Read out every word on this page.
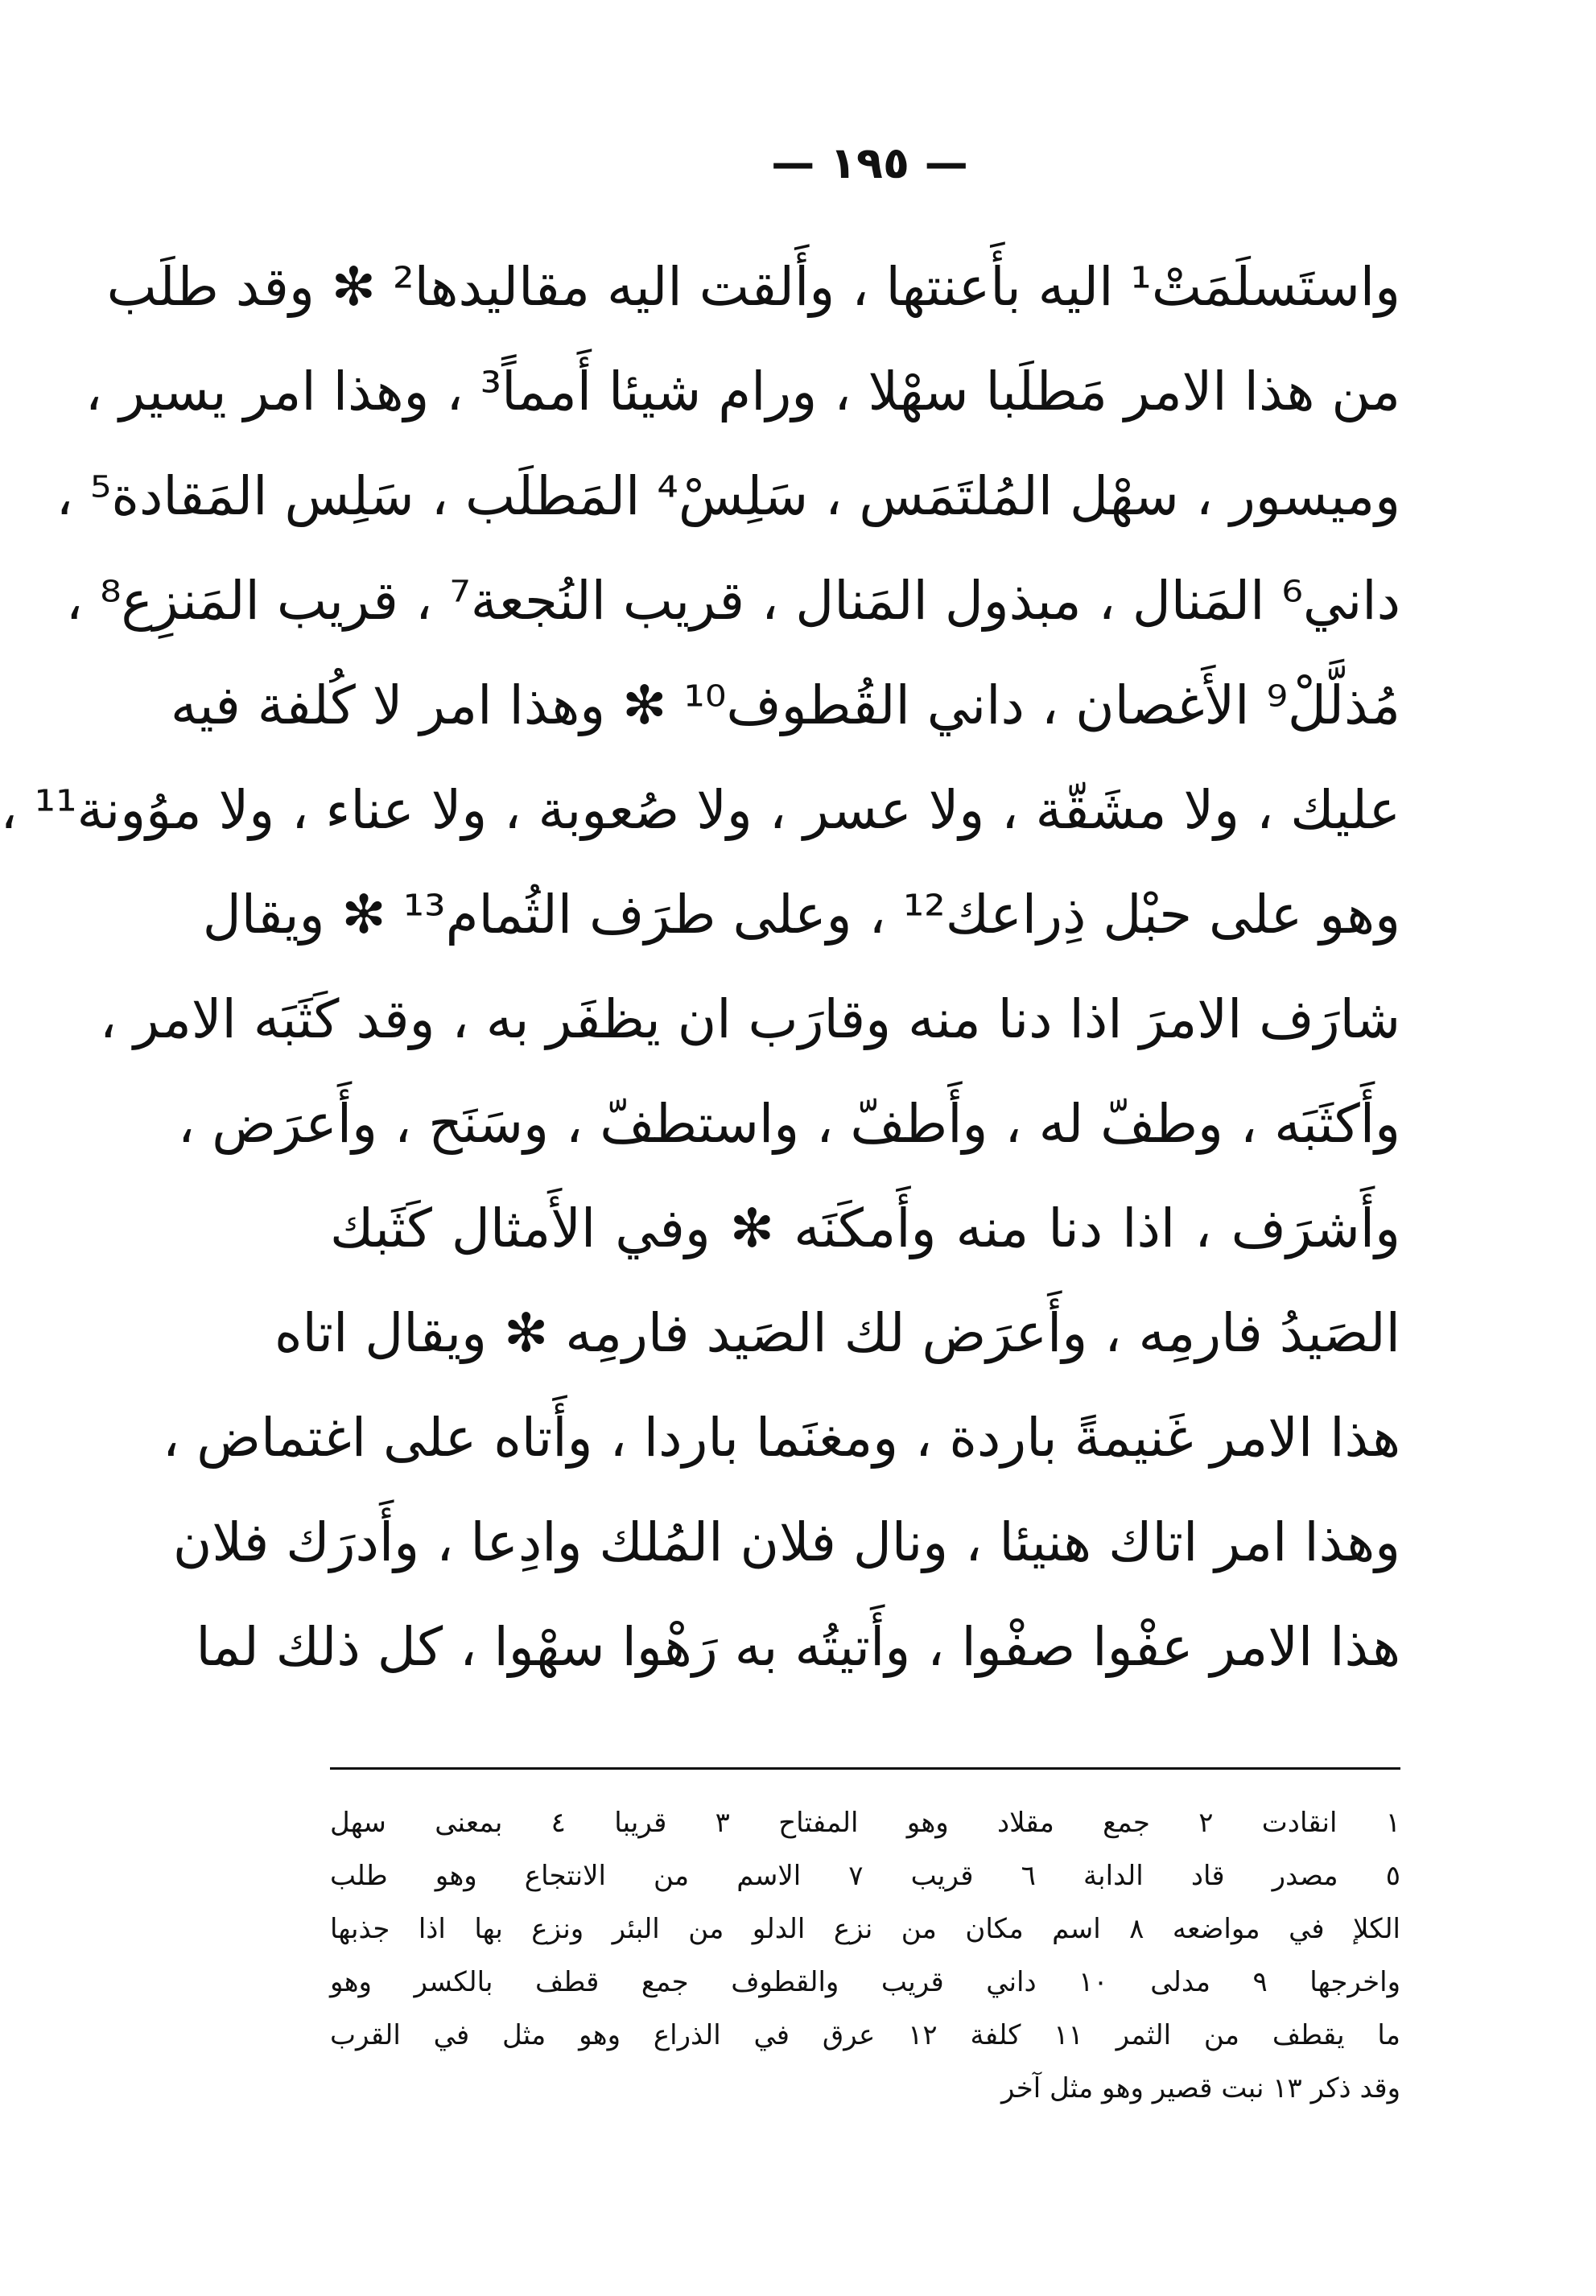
— ١٩٥ —
واستَسلَمَتْ¹ اليه بأَعنتها ، وأَلقت اليه مقاليدها² ✻ وقد طلَب
من هذا الامر مَطلَبا سهْلا ، ورام شيئا أَمماً³ ، وهذا امر يسير ،
وميسور ، سهْل المُلتَمَس ، سَلِسْ⁴ المَطلَب ، سَلِس المَقادة⁵ ،
داني⁶ المَنال ، مبذول المَنال ، قريب النُجعة⁷ ، قريب المَنزِع⁸ ،
مُذلَّلْ⁹ الأَغصان ، داني القُطوف¹⁰ ✻ وهذا امر لا كُلفة فيه
عليك ، ولا مشَقّة ، ولا عسر ، ولا صُعوبة ، ولا عناء ، ولا موُونة¹¹ ،
وهو على حبْل ذِراعك¹² ، وعلى طرَف الثُمام¹³ ✻ ويقال
شارَف الامرَ اذا دنا منه وقارَب ان يظفَر به ، وقد كَثَبَه الامر ،
وأَكثَبَه ، وطفّ له ، وأَطفّ ، واستطفّ ، وسَنَح ، وأَعرَض ،
وأَشرَف ، اذا دنا منه وأَمكَنَه ✻ وفي الأَمثال كَثَبك
الصَيدُ فارمِه ، وأَعرَض لك الصَيد فارمِه ✻ ويقال اتاه
هذا الامر غَنيمةً باردة ، ومغنَما باردا ، وأَتاه على اغتماض ،
وهذا امر اتاك هنيئا ، ونال فلان المُلك وادِعا ، وأَدرَك فلان
هذا الامر عفْوا صفْوا ، وأَتيتُه به رَهْوا سهْوا ، كل ذلك لما
١ انقادت ٢ جمع مقلاد وهو المفتاح ٣ قريبا ٤ بمعنى سهل
٥ مصدر قاد الدابة ٦ قريب ٧ الاسم من الانتجاع وهو طلب
الكلإ في مواضعه ٨ اسم مكان من نزع الدلو من البئر ونزع بها اذا جذبها
واخرجها ٩ مدلى ١٠ داني قريب والقطوف جمع قطف بالكسر وهو
ما يقطف من الثمر ١١ كلفة ١٢ عرق في الذراع وهو مثل في القرب
وقد ذكر ١٣ نبت قصير وهو مثل آخر
